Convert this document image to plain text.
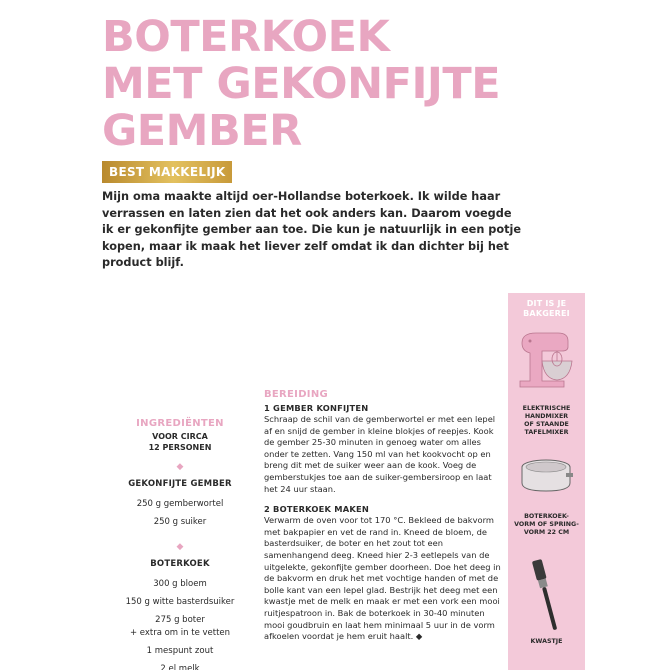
BOTERKOEK
MET GEKONFIJTE
GEMBER
BEST MAKKELIJK

Mijn oma maakte altijd oer-Hollandse boterkoek. Ik wilde haar verrassen en laten zien dat het ook anders kan. Daarom voegde ik er gekonfijte gember aan toe. Die kun je natuurlijk in een potje kopen, maar ik maak het liever zelf omdat ik dan dichter bij het product blijf.

INGREDIËNTEN
VOOR CIRCA
12 PERSONEN
◆
GEKONFIJTE GEMBER
250 g gemberwortel
250 g suiker
◆
BOTERKOEK
300 g bloem
150 g witte basterdsuiker
275 g boter
+ extra om in te vetten
1 mespunt zout
2 el melk
BEREIDING
1 GEMBER KONFIJTEN

Schraap de schil van de gemberwortel er met een lepel af en snijd de gember in kleine blokjes of reepjes. Kook de gember 25-30 minuten in genoeg water om alles onder te zetten. Vang 150 ml van het kookvocht op en breng dit met de suiker weer aan de kook. Voeg de gemberstukjes toe aan de suiker-gembersiroop en laat het 24 uur staan.

2 BOTERKOEK MAKEN

Verwarm de oven voor tot 170 °C. Bekleed de bakvorm met bakpapier en vet de rand in. Kneed de bloem, de basterdsuiker, de boter en het zout tot een samenhangend deeg. Kneed hier 2-3 eetlepels van de uitgelekte, gekonfijte gember doorheen. Doe het deeg in de bakvorm en druk het met vochtige handen of met de bolle kant van een lepel glad. Bestrijk het deeg met een kwastje met de melk en maak er met een vork een mooi ruitjespatroon in. Bak de boterkoek in 30-40 minuten mooi goudbruin en laat hem minimaal 5 uur in de vorm afkoelen voordat je hem eruit haalt. ◆

DIT IS JE
BAKGEREI
ELEKTRISCHE
HANDMIXER
OF STAANDE
TAFELMIXER
BOTERKOEK-
VORM OF SPRING-
VORM 22 CM
KWASTJE
